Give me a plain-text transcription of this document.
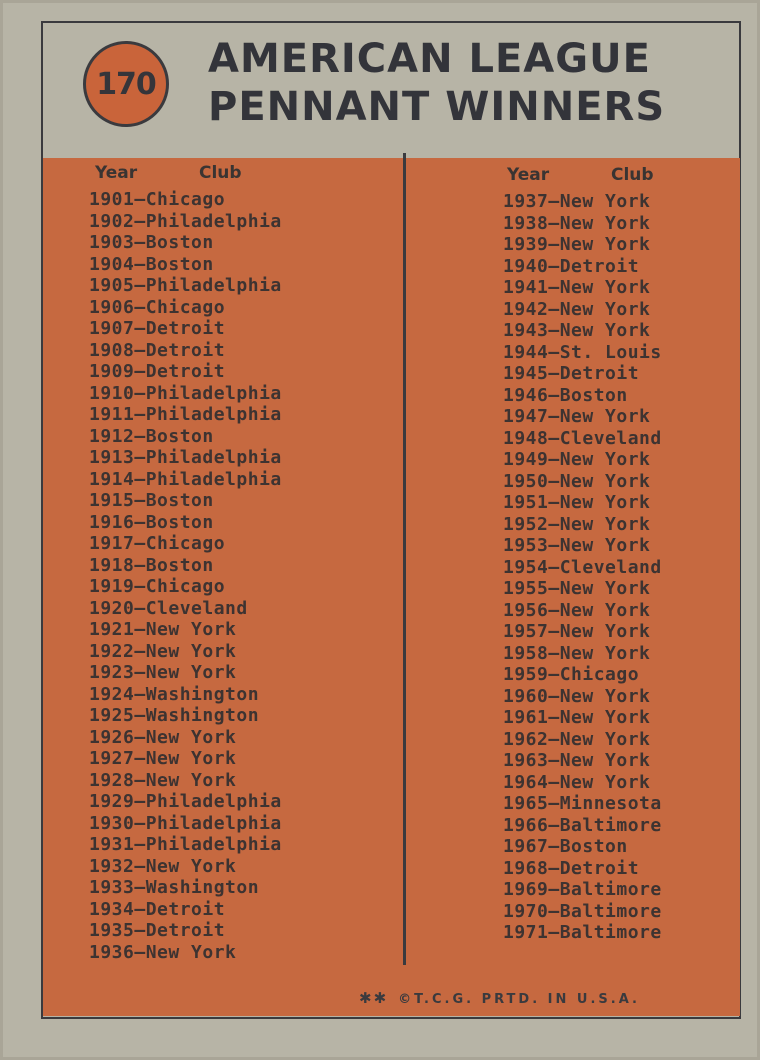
170
AMERICAN LEAGUE
PENNANT WINNERS
Year	Club
1901—Chicago
1902—Philadelphia
1903—Boston
1904—Boston
1905—Philadelphia
1906—Chicago
1907—Detroit
1908—Detroit
1909—Detroit
1910—Philadelphia
1911—Philadelphia
1912—Boston
1913—Philadelphia
1914—Philadelphia
1915—Boston
1916—Boston
1917—Chicago
1918—Boston
1919—Chicago
1920—Cleveland
1921—New York
1922—New York
1923—New York
1924—Washington
1925—Washington
1926—New York
1927—New York
1928—New York
1929—Philadelphia
1930—Philadelphia
1931—Philadelphia
1932—New York
1933—Washington
1934—Detroit
1935—Detroit
1936—New York
Year	Club
1937—New York
1938—New York
1939—New York
1940—Detroit
1941—New York
1942—New York
1943—New York
1944—St. Louis
1945—Detroit
1946—Boston
1947—New York
1948—Cleveland
1949—New York
1950—New York
1951—New York
1952—New York
1953—New York
1954—Cleveland
1955—New York
1956—New York
1957—New York
1958—New York
1959—Chicago
1960—New York
1961—New York
1962—New York
1963—New York
1964—New York
1965—Minnesota
1966—Baltimore
1967—Boston
1968—Detroit
1969—Baltimore
1970—Baltimore
1971—Baltimore
✱✱ ©T.C.G. PRTD. IN U.S.A.
